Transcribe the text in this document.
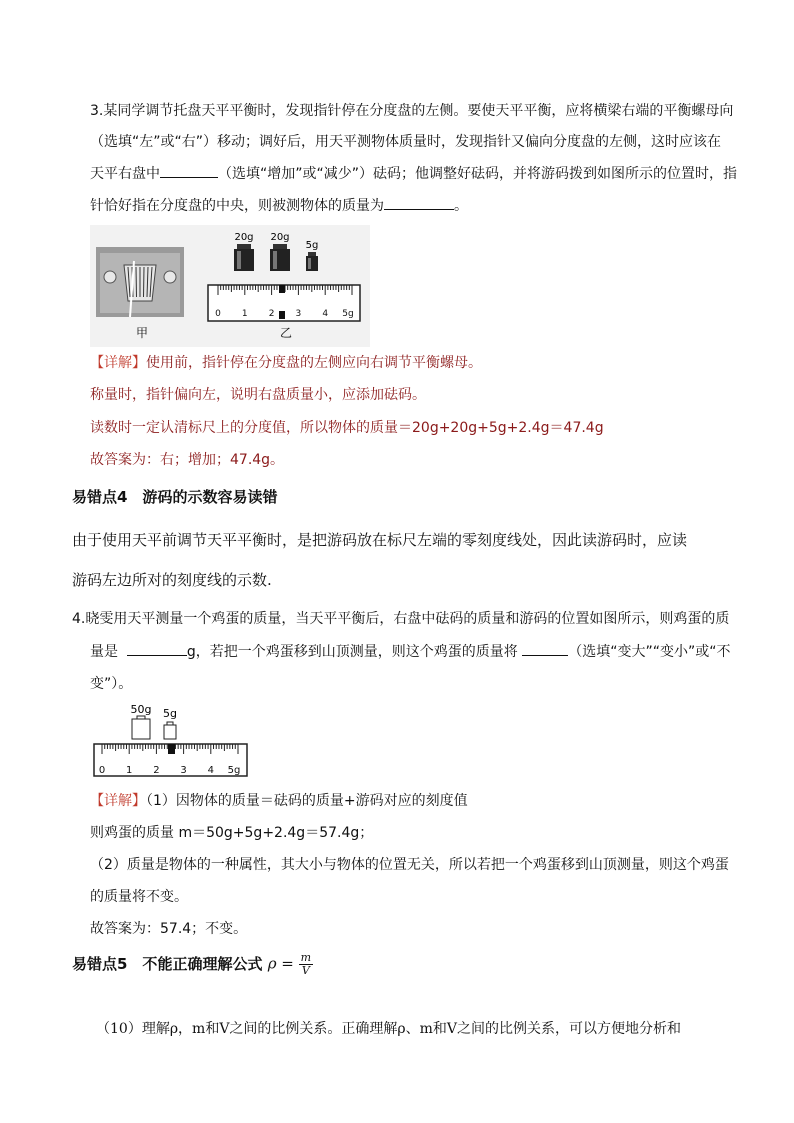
3.某同学调节托盘天平平衡时，发现指针停在分度盘的左侧。要使天平平衡，应将横梁右端的平衡螺母向
（选填“左”或“右”）移动；调好后，用天平测物体质量时，发现指针又偏向分度盘的左侧，这时应该在
天平右盘中	（选填“增加”或“减少”）砝码；他调整好砝码，并将游码拨到如图所示的位置时，指
针恰好指在分度盘的中央，则被测物体的质量为	。
甲
20g 20g
5g
0 1 2 3 4 5g
乙
【详解】使用前，指针停在分度盘的左侧应向右调节平衡螺母。
称量时，指针偏向左，说明右盘质量小，应添加砝码。
读数时一定认清标尺上的分度值，所以物体的质量＝20g+20g+5g+2.4g＝47.4g
故答案为：右；增加；47.4g。
易错点4　游码的示数容易读错
由于使用天平前调节天平平衡时，是把游码放在标尺左端的零刻度线处，因此读游码时，应读
游码左边所对的刻度线的示数.
4.晓雯用天平测量一个鸡蛋的质量，当天平平衡后，右盘中砝码的质量和游码的位置如图所示，则鸡蛋的质
量是	g，若把一个鸡蛋移到山顶测量，则这个鸡蛋的质量将	（选填“变大”“变小”或“不
变”）。
50g 5g
0 1 2 3 4 5g
【详解】（1）因物体的质量＝砝码的质量+游码对应的刻度值
则鸡蛋的质量 m＝50g+5g+2.4g＝57.4g；
（2）质量是物体的一种属性，其大小与物体的位置无关，所以若把一个鸡蛋移到山顶测量，则这个鸡蛋
的质量将不变。
故答案为：57.4；不变。
易错点5　不能正确理解公式 $\rho = \frac{m}{V}$
（10）理解ρ，m和V之间的比例关系。正确理解ρ、m和V之间的比例关系，可以方便地分析和
